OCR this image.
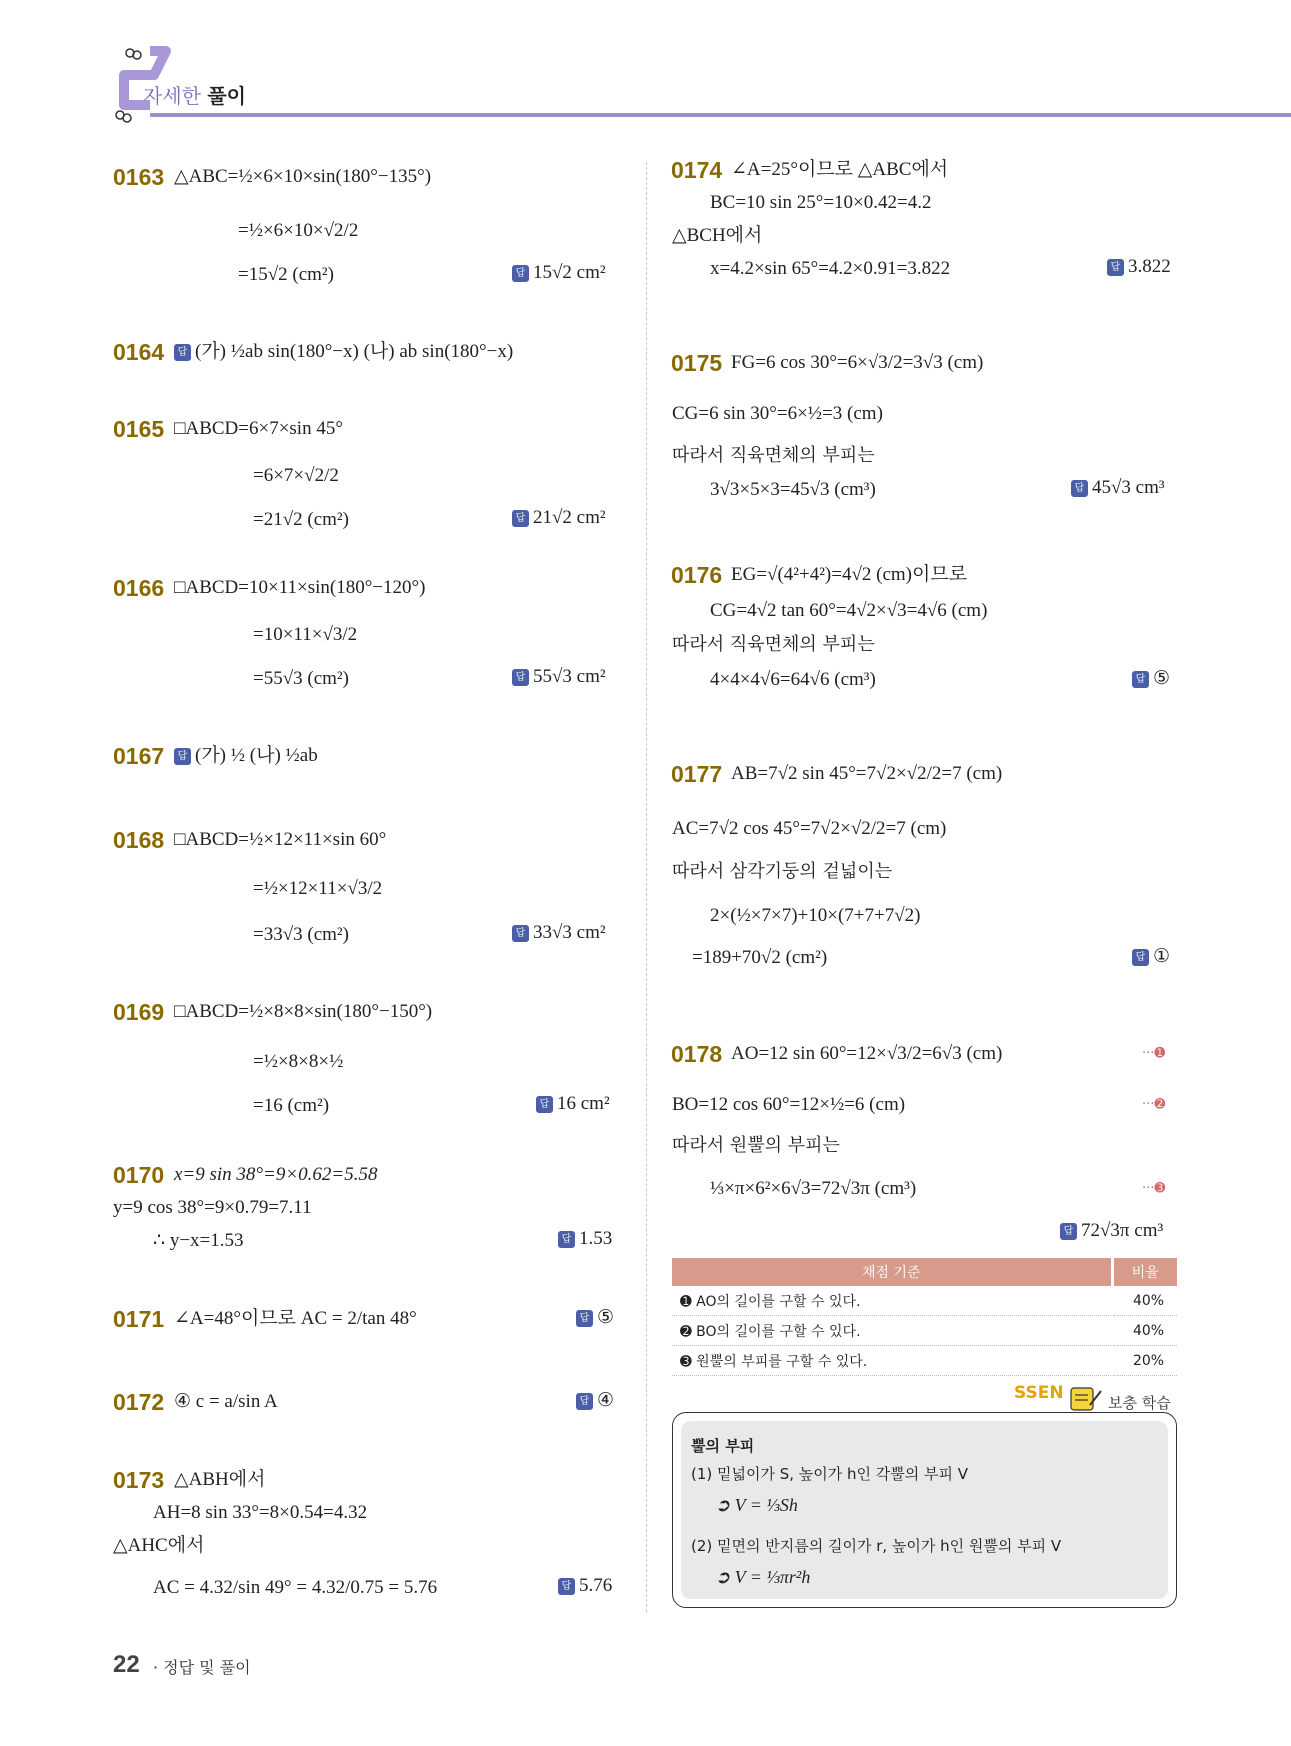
자세한 풀이
0163 △ABC=½×6×10×sin(180°−135°)
=½×6×10×√2/2
=15√2 (cm²)	답 15√2 cm²
0164	답 (가) ½ab sin(180°−x) (나) ab sin(180°−x)
0165 □ABCD=6×7×sin 45°
=6×7×√2/2
=21√2 (cm²)	답 21√2 cm²
0166 □ABCD=10×11×sin(180°−120°)
=10×11×√3/2
=55√3 (cm²)	답 55√3 cm²
0167	답 (가) ½ (나) ½ab
0168 □ABCD=½×12×11×sin 60°
=½×12×11×√3/2
=33√3 (cm²)	답 33√3 cm²
0169 □ABCD=½×8×8×sin(180°−150°)
=½×8×8×½
=16 (cm²)	답 16 cm²
0170 x=9 sin 38°=9×0.62=5.58
y=9 cos 38°=9×0.79=7.11
∴ y−x=1.53	답 1.53
0171 ∠A=48°이므로 AC = 2/tan 48°	답 ⑤
0172 ④ c = a/sin A	답 ④
0173 △ABH에서
AH=8 sin 33°=8×0.54=4.32
△AHC에서
AC = 4.32/sin 49° = 4.32/0.75 = 5.76	답 5.76
0174 ∠A=25°이므로 △ABC에서
BC=10 sin 25°=10×0.42=4.2
△BCH에서
x=4.2×sin 65°=4.2×0.91=3.822	답 3.822
0175 FG=6 cos 30°=6×√3/2=3√3 (cm)
CG=6 sin 30°=6×½=3 (cm)
따라서 직육면체의 부피는
3√3×5×3=45√3 (cm³)	답 45√3 cm³
0176 EG=√(4²+4²)=4√2 (cm)이므로
CG=4√2 tan 60°=4√2×√3=4√6 (cm)
따라서 직육면체의 부피는
4×4×4√6=64√6 (cm³)	답 ⑤
0177 AB=7√2 sin 45°=7√2×√2/2=7 (cm)
AC=7√2 cos 45°=7√2×√2/2=7 (cm)
따라서 삼각기둥의 겉넓이는
2×(½×7×7)+10×(7+7+7√2)
=189+70√2 (cm²)	답 ①
0178 AO=12 sin 60°=12×√3/2=6√3 (cm)	···➊
BO=12 cos 60°=12×½=6 (cm)	···➋
따라서 원뿔의 부피는
⅓×π×6²×6√3=72√3π (cm³)	···➌
답 72√3π cm³
채점 기준	비율
➊ AO의 길이를 구할 수 있다.	40%
➋ BO의 길이를 구할 수 있다.	40%
➌ 원뿔의 부피를 구할 수 있다.	20%
SSEN	보충 학습
뿔의 부피
(1) 밑넓이가 S, 높이가 h인 각뿔의 부피 V
➲ V = ⅓Sh
(2) 밑면의 반지름의 길이가 r, 높이가 h인 원뿔의 부피 V
➲ V = ⅓πr²h
22 · 정답 및 풀이
